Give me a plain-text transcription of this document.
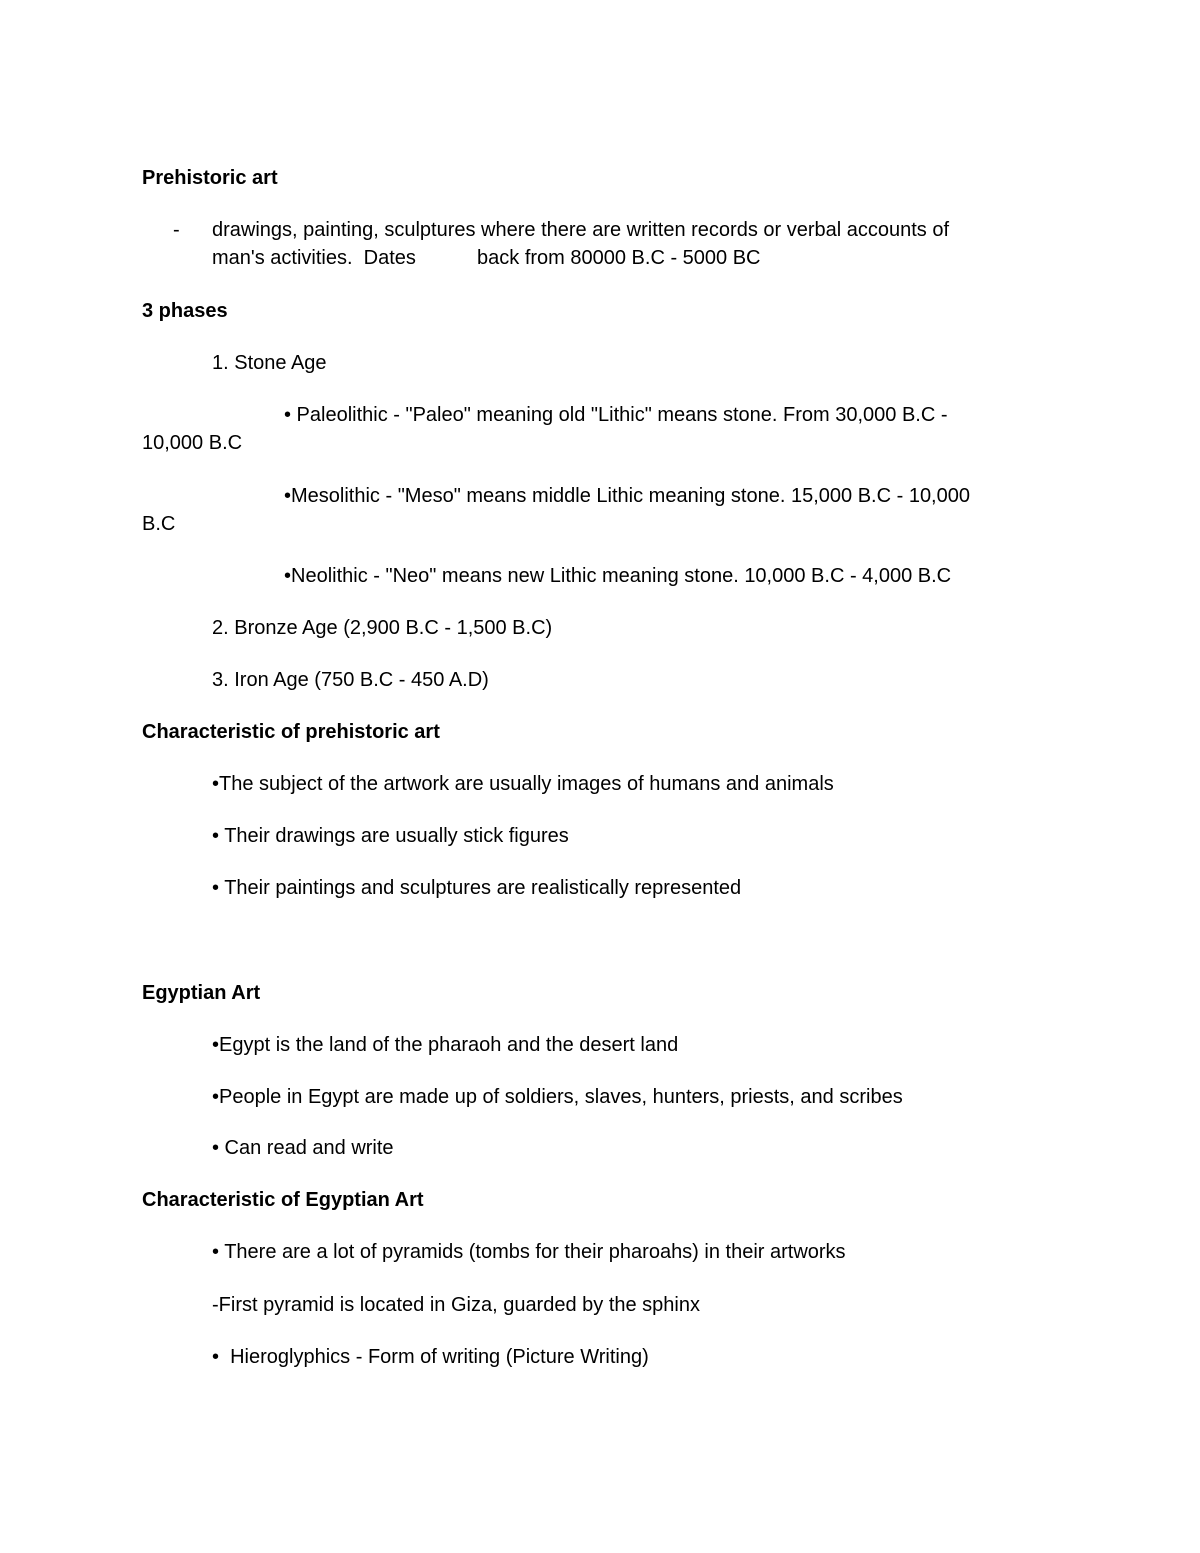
Prehistoric art
- drawings, painting, sculptures where there are written records or verbal accounts of
man's activities.  Dates           back from 80000 B.C - 5000 BC
3 phases
1. Stone Age
• Paleolithic - "Paleo" meaning old "Lithic" means stone. From 30,000 B.C -
10,000 B.C
•Mesolithic - "Meso" means middle Lithic meaning stone. 15,000 B.C - 10,000
B.C
•Neolithic - "Neo" means new Lithic meaning stone. 10,000 B.C - 4,000 B.C
2. Bronze Age (2,900 B.C - 1,500 B.C)
3. Iron Age (750 B.C - 450 A.D)
Characteristic of prehistoric art
•The subject of the artwork are usually images of humans and animals
• Their drawings are usually stick figures
• Their paintings and sculptures are realistically represented
Egyptian Art
•Egypt is the land of the pharaoh and the desert land
•People in Egypt are made up of soldiers, slaves, hunters, priests, and scribes
• Can read and write
Characteristic of Egyptian Art
• There are a lot of pyramids (tombs for their pharoahs) in their artworks
-First pyramid is located in Giza, guarded by the sphinx
•  Hieroglyphics - Form of writing (Picture Writing)
